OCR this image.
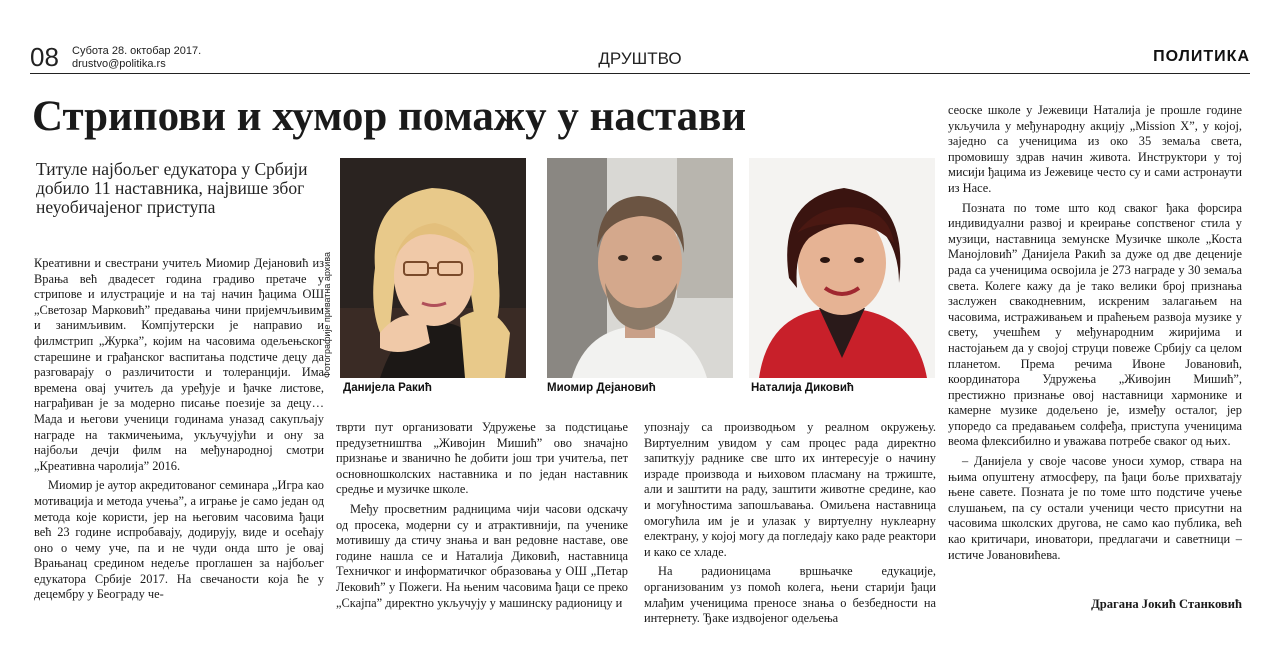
08 Субота 28. октобар 2017.
drustvo@politika.rs	ДРУШТВО	ПОЛИТИКА
Стрипови и хумор помажу у настави
Титуле најбољег едукатора у Србији добило 11 наставника, највише због неуобичајеног приступа

Креативни и свестрани учитељ Миомир Дејановић из Врања већ двадесет година градиво претаче у стрипове и илустрације и на тај начин ђацима ОШ „Светозар Марковић” предавања чини пријемчљивим и занимљивим. Компјутерски је направио и филмстрип „Журка”, којим на часовима одељењског старешине и грађанског васпитања подстиче децу да разговарају о различитости и толеранцији. Има времена овај учитељ да уређује и ђачке листове, награђиван је за модерно писање поезије за децу… Мада и његови ученици годинама уназад сакупљају награде на такмичењима, укључујући и ону за најбољи дечји филм на међународној смотри „Креативна чаролија” 2016.

Миомир је аутор акредитованог семинара „Игра као мотивација и метода учења”, а играње је само један од метода које користи, јер на његовим часовима ђаци већ 23 године испробавају, додирују, виде и осећају оно о чему уче, па и не чуди онда што је овај Врањанац средином недеље проглашен за најбољег едукатора Србије 2017. На свечаности која ће у децембру у Београду че-

Фотографије приватна архива
Данијела Ракић	Миомир Дејановић	Наталија Диковић

тврти пут организовати Удружење за подстицање предузетништва „Живојин Мишић” ово значајно признање и званично ће добити још три учитеља, пет основношколских наставника и по један наставник средње и музичке школе.

Међу просветним радницима чији часови одскачу од просека, модерни су и атрактивнији, па ученике мотивишу да стичу знања и ван редовне наставе, ове године нашла се и Наталија Диковић, наставница Техничког и информатичког образовања у ОШ „Петар Лековић” у Пожеги. На њеним часовима ђаци се преко „Скајпа” директно укључују у машинску радионицу и

упознају са производњом у реалном окружењу. Виртуелним увидом у сам процес рада директно запиткују раднике све што их интересује о начину израде производа и њиховом пласману на тржиште, али и заштити на раду, заштити животне средине, као и могућностима запошљавања. Омиљена наставница омогућила им је и улазак у виртуелну нуклеарну електрану, у којој могу да погледају како раде реактори и како се хладе.

На радионицама вршњачке едукације, организованим уз помоћ колега, њени старији ђаци млађим ученицима преносе знања о безбедности на интернету. Ђаке издвојеног одељења

сеоске школе у Јежевици Наталија је прошле године укључила у међународну акцију „Mission X”, у којој, заједно са ученицима из око 35 земаља света, промовишу здрав начин живота. Инструктори у тој мисији ђацима из Јежевице често су и сами астронаути из Насе.

Позната по томе што код сваког ђака форсира индивидуални развој и креирање сопственог стила у музици, наставница земунске Музичке школе „Коста Манојловић” Данијела Ракић за дуже од две деценије рада са ученицима освојила је 273 награде у 30 земаља света. Колеге кажу да је тако велики број признања заслужен свакодневним, искреним залагањем на часовима, истраживањем и праћењем развоја музике у свету, учешћем у међународним жиријима и настојањем да у својој струци повеже Србију са целом планетом. Према речима Ивоне Јовановић, координатора Удружења „Живојин Мишић”, престижно признање овој наставници хармонике и камерне музике додељено је, између осталог, јер упоредо са предавањем солфеђа, приступа ученицима веома флексибилно и уважава потребе сваког од њих.

– Данијела у своје часове уноси хумор, ствара на њима опуштену атмосферу, па ђаци боље прихватају њене савете. Позната је по томе што подстиче учење слушањем, па су остали ученици често присутни на часовима школских другова, не само као публика, већ као критичари, иноватори, предлагачи и саветници – истиче Јовановићева.

Драгана Јокић Станковић
